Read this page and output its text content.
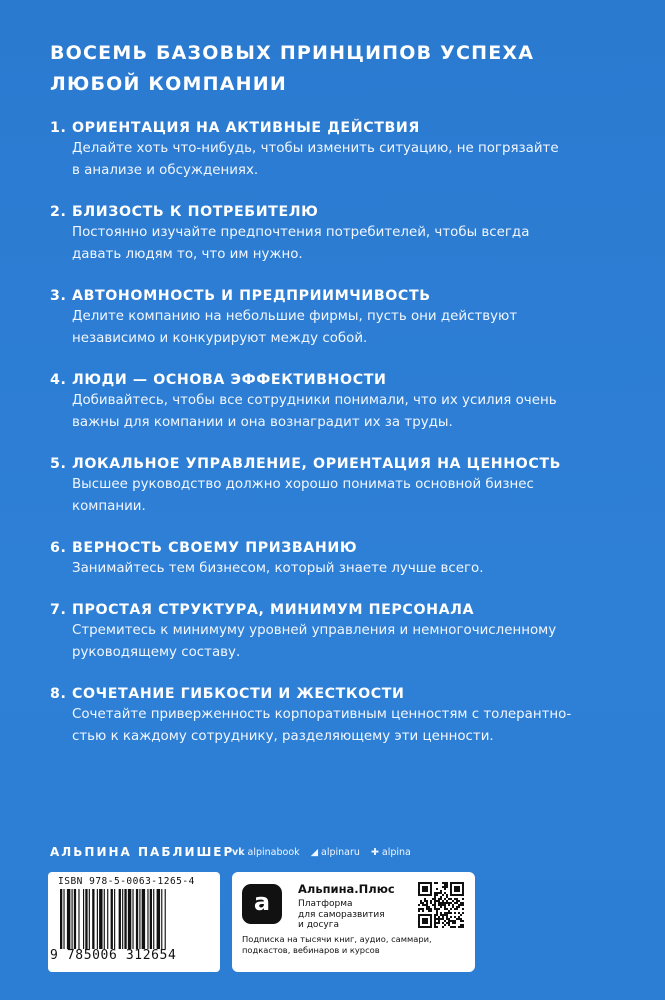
ВОСЕМЬ БАЗОВЫХ ПРИНЦИПОВ УСПЕХА
ЛЮБОЙ КОМПАНИИ
1. ОРИЕНТАЦИЯ НА АКТИВНЫЕ ДЕЙСТВИЯ
Делайте хоть что-нибудь, чтобы изменить ситуацию, не погрязайте
в анализе и обсуждениях.
2. БЛИЗОСТЬ К ПОТРЕБИТЕЛЮ
Постоянно изучайте предпочтения потребителей, чтобы всегда
давать людям то, что им нужно.
3. АВТОНОМНОСТЬ И ПРЕДПРИИМЧИВОСТЬ
Делите компанию на небольшие фирмы, пусть они действуют
независимо и конкурируют между собой.
4. ЛЮДИ — ОСНОВА ЭФФЕКТИВНОСТИ
Добивайтесь, чтобы все сотрудники понимали, что их усилия очень
важны для компании и она вознаградит их за труды.
5. ЛОКАЛЬНОЕ УПРАВЛЕНИЕ, ОРИЕНТАЦИЯ НА ЦЕННОСТЬ
Высшее руководство должно хорошо понимать основной бизнес
компании.
6. ВЕРНОСТЬ СВОЕМУ ПРИЗВАНИЮ
Занимайтесь тем бизнесом, который знаете лучше всего.
7. ПРОСТАЯ СТРУКТУРА, МИНИМУМ ПЕРСОНАЛА
Стремитесь к минимуму уровней управления и немногочисленному
руководящему составу.
8. СОЧЕТАНИЕ ГИБКОСТИ И ЖЕСТКОСТИ
Сочетайте приверженность корпоративным ценностям с толерантно-
стью к каждому сотруднику, разделяющему эти ценности.
АЛЬПИНА ПАБЛИШЕР
vk alpinabook ◢ alpinaru ✚ alpina
ISBN 978-5-0063-1265-4
9 785006 312654
a	Альпина.Плюс
Платформа
для саморазвития
и досуга
Подписка на тысячи книг, аудио, саммари,
подкастов, вебинаров и курсов
